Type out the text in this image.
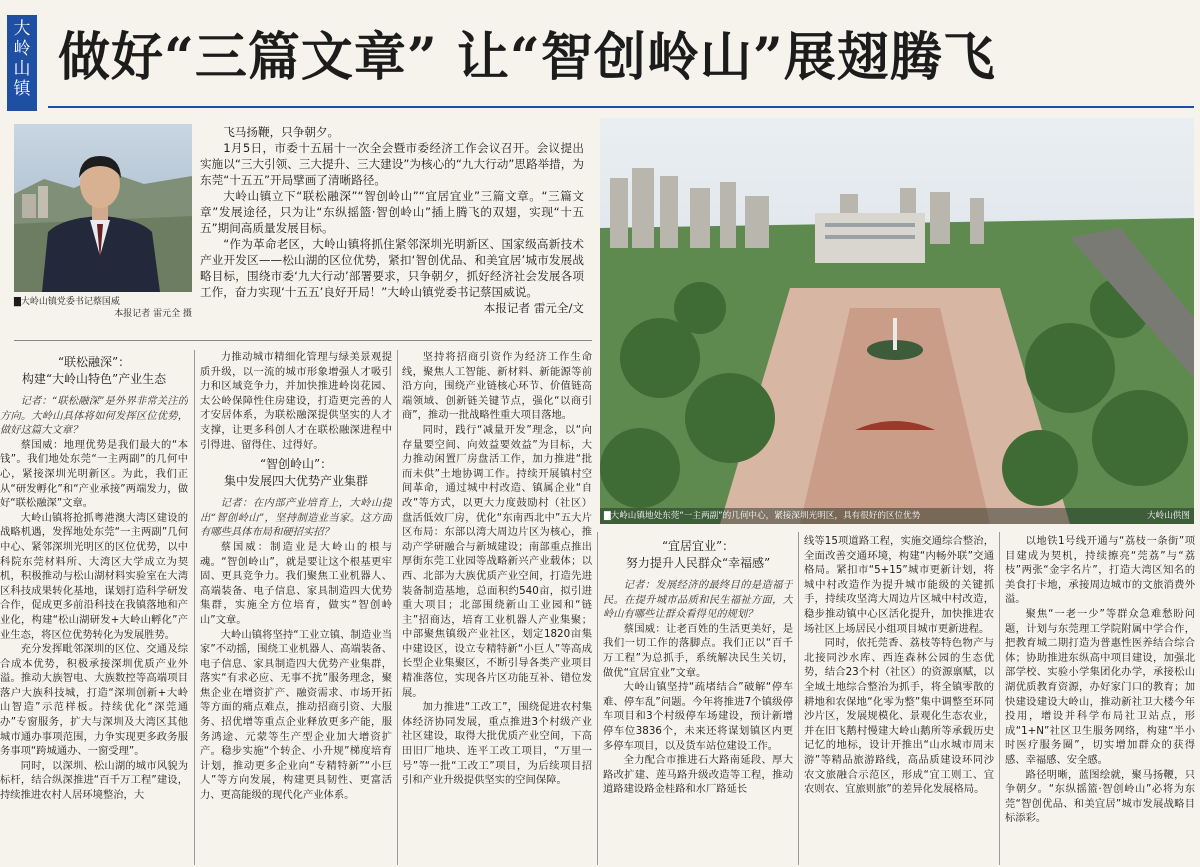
大岭山镇
做好“三篇文章” 让“智创岭山”展翅腾飞
▇大岭山镇党委书记蔡国威
本报记者 雷元全 摄

飞马扬鞭，只争朝夕。

1月5日，市委十五届十一次全会暨市委经济工作会议召开。会议提出实施以“三大引领、三大提升、三大建设”为核心的“九大行动”思路举措，为东莞“十五五”开局擘画了清晰路径。

大岭山镇立下“联松融深”“智创岭山”“宜居宜业”三篇文章。“三篇文章”发展途径，只为让“东纵摇篮·智创岭山”插上腾飞的双翅，实现“十五五”期间高质量发展目标。

“作为革命老区，大岭山镇将抓住紧邻深圳光明新区、国家级高新技术产业开发区——松山湖的区位优势，紧扣‘智创优品、和美宜居’城市发展战略目标，围绕市委‘九大行动’部署要求，只争朝夕，抓好经济社会发展各项工作，奋力实现‘十五五’良好开局！”大岭山镇党委书记蔡国威说。

本报记者 雷元全/文

▇大岭山镇地处东莞“一主两副”的几何中心，紧接深圳光明区，具有很好的区位优势	大岭山供图
“联松融深”：
构建“大岭山特色”产业生态

记者：“联松融深”是外界非常关注的方向。大岭山具体将如何发挥区位优势，做好这篇大文章？

蔡国威：地理优势是我们最大的“本钱”。我们地处东莞“一主两副”的几何中心，紧接深圳光明新区。为此，我们正从“研发孵化”和“产业承接”两端发力，做好“联松融深”文章。

大岭山镇将抢抓粤港澳大湾区建设的战略机遇，发挥地处东莞“一主两副”几何中心、紧邻深圳光明区的区位优势，以中科院东莞材料所、大湾区大学成立为契机，积极推动与松山湖材料实验室在大湾区科技成果转化基地，谋划打造科学研发合作，促成更多前沿科技在我镇落地和产业化，构建“松山湖研发+大岭山孵化”产业生态，将区位优势转化为发展胜势。

充分发挥毗邻深圳的区位、交通及综合成本优势，积极承接深圳优质产业外溢。推动大族智电、大族数控等高端项目落户大族科技城，打造“深圳创新+大岭山智造”示范样板。持续优化“深莞通办”专窗服务，扩大与深圳及大湾区其他城市通办事项范围，力争实现更多政务服务事项“跨城通办、一窗受理”。

同时，以深圳、松山湖的城市风貌为标杆，结合纵深推进“百千万工程”建设，持续推进农村人居环境整治，大

力推动城市精细化管理与绿美景观提质升级，以一流的城市形象增强人才吸引力和区域竞争力，并加快推进岭岗花园、太公岭保障性住房建设，打造更完善的人才安居体系，为联松融深提供坚实的人才支撑，让更多科创人才在联松融深进程中引得进、留得住、过得好。

“智创岭山”：
集中发展四大优势产业集群

记者：在内部产业培育上，大岭山提出“智创岭山”，坚持制造业当家。这方面有哪些具体布局和硬招实招？

蔡国威：制造业是大岭山的根与魂。“智创岭山”，就是要让这个根基更牢固、更具竞争力。我们聚焦工业机器人、高端装备、电子信息、家具制造四大优势集群，实施全方位培育，做实“智创岭山”文章。

大岭山镇将坚持“工业立镇、制造业当家”不动摇，围绕工业机器人、高端装备、电子信息、家具制造四大优势产业集群，落实“有求必应、无事不扰”服务理念，聚焦企业在增资扩产、融资需求、市场开拓等方面的痛点难点，推动招商引资、大服务、招优增等重点企业释放更多产能，服务鸿途、元蒙等生产型企业加大增资扩产。稳步实施“个转企、小升规”梯度培育计划，推动更多企业向“专精特新”“小巨人”等方向发展，构建更具韧性、更富活力、更高能级的现代化产业体系。

坚持将招商引资作为经济工作生命线，聚焦人工智能、新材料、新能源等前沿方向，围绕产业链核心环节、价值链高端领域、创新链关键节点，强化“以商引商”，推动一批战略性重大项目落地。

同时，践行“减量开发”理念，以“向存量要空间、向效益要效益”为目标，大力推动闲置厂房盘活工作，加力推进“批而未供”土地协调工作。持续开展镇村空间革命，通过城中村改造、镇属企业“自改”等方式，以更大力度鼓励村（社区）盘活低效厂房，优化“东南西北中”五大片区布局：东部以湾大周边片区为核心，推动产学研融合与新城建设；南部重点推出厚街东莞工业园等战略新兴产业载体；以西、北部为大族优质产业空间，打造先进装备制造基地，总面积约540亩，拟引进重大项目；北部围绕新山工业园和“链主”招商达，培育工业机器人产业集聚；中部聚焦镇级产业社区，划定1820亩集中建设区，设立专精特新“小巨人”等高成长型企业集聚区，不断引导各类产业项目精准落位，实现各片区功能互补、错位发展。

加力推进“工改工”，围绕促进农村集体经济协同发展，重点推进3个村级产业社区建设，取得大批优质产业空间，下高田旧厂地块、连平工改工项目，“万里一号”等一批“工改工”项目，为后续项目招引和产业升级提供坚实的空间保障。

“宜居宜业”：
努力提升人民群众“幸福感”

记者：发展经济的最终目的是造福于民。在提升城市品质和民生福祉方面，大岭山有哪些让群众看得见的规划？

蔡国威：让老百姓的生活更美好，是我们一切工作的落脚点。我们正以“百千万工程”为总抓手，系统解决民生关切，做优“宜居宜业”文章。

大岭山镇坚持“疏堵结合”破解“停车难、停车乱”问题。今年将推进7个镇级停车项目和3个村级停车场建设，预计新增停车位3836个，未来还将谋划镇区内更多停车项目，以及货车站位建设工作。

全力配合市推进石大路南延段、厚大路改扩建、莲马路升级改造等工程，推动道路建设路金桂路和水厂路延长

线等15项道路工程，实施交通综合整治，全面改善交通环境，构建“内畅外联”交通格局。紧扣市“5+15”城市更新计划，将城中村改造作为提升城市能级的关键抓手，持续攻坚湾大周边片区城中村改造，稳步推动镇中心区活化提升，加快推进农场社区上场居民小组项目城市更新进程。

同时，依托莞香、荔枝等特色物产与北接同沙水库、西连森林公园的生态优势，结合23个村（社区）的资源禀赋，以全域土地综合整治为抓手，将全镇零散的耕地和农保地“化零为整”集中调整至环同沙片区，发展规模化、景观化生态农业，并在旧飞鹅村慢建大岭山鹅所等承载历史记忆的地标，设计开推出“山水城市周末游”等精品旅游路线，高品质建设环同沙农文旅融合示范区，形成“宜工则工、宜农则农、宜旅则旅”的差异化发展格局。

以地铁1号线开通与“荔枝一条街”项目建成为契机，持续擦亮“莞荔”与“荔枝”两张“金字名片”，打造大湾区知名的美食打卡地，承接周边城市的文旅消费外溢。

聚焦“一老一少”等群众急难愁盼问题，计划与东莞理工学院附属中学合作，把教育城二期打造为普惠性医养结合综合体；协助推进东纵高中项目建设，加强北部学校、实验小学集团化办学，承接松山湖优质教育资源，办好家门口的教育；加快建设建设大岭山，推动新社卫大楼今年投用，增设并科学布局社卫站点，形成“1+N”社区卫生服务网络，构建“半小时医疗服务圈”，切实增加群众的获得感、幸福感、安全感。

路径明晰，蓝图绘就，聚马扬鞭，只争朝夕。“东纵摇篮·智创岭山”必将为东莞“智创优品、和美宜居”城市发展战略目标添彩。
